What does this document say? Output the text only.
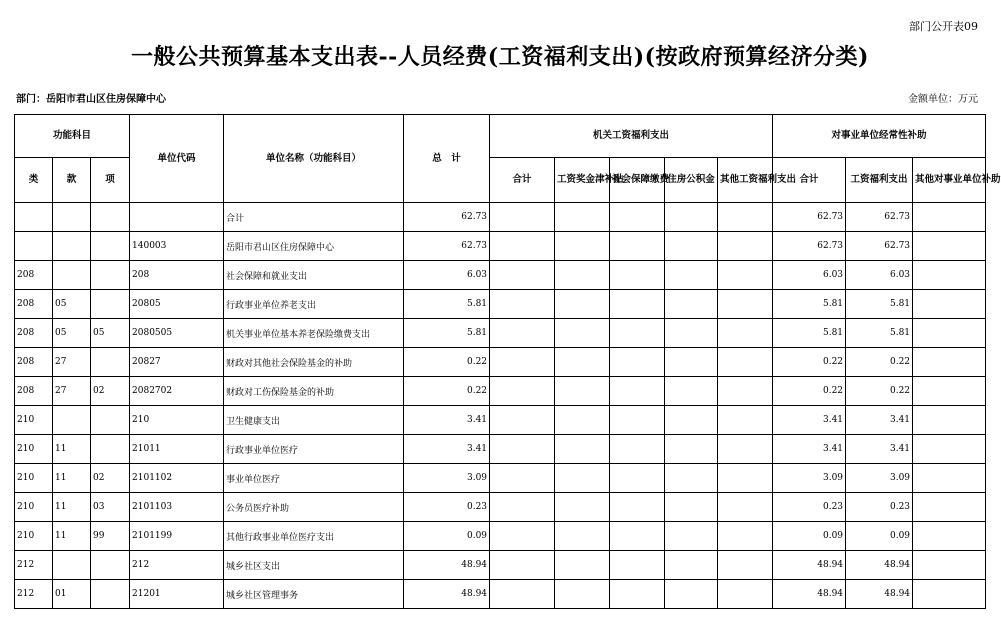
部门公开表09
一般公共预算基本支出表--人员经费(工资福利支出)(按政府预算经济分类)
部门：岳阳市君山区住房保障中心	金额单位：万元
功能科目			单位代码	单位名称（功能科目）	总　计	机关工资福利支出					对事业单位经常性补助		
类	款	项				合计	工资奖金津补贴	社会保障缴费	住房公积金	其他工资福利支出	合计	工资福利支出	其他对事业单位补助
				合计	62.73						62.73	62.73	
			140003	岳阳市君山区住房保障中心	62.73						62.73	62.73	
208			208	社会保障和就业支出	6.03						6.03	6.03	
208	05		20805	行政事业单位养老支出	5.81						5.81	5.81	
208	05	05	2080505	机关事业单位基本养老保险缴费支出	5.81						5.81	5.81	
208	27		20827	财政对其他社会保险基金的补助	0.22						0.22	0.22	
208	27	02	2082702	财政对工伤保险基金的补助	0.22						0.22	0.22	
210			210	卫生健康支出	3.41						3.41	3.41	
210	11		21011	行政事业单位医疗	3.41						3.41	3.41	
210	11	02	2101102	事业单位医疗	3.09						3.09	3.09	
210	11	03	2101103	公务员医疗补助	0.23						0.23	0.23	
210	11	99	2101199	其他行政事业单位医疗支出	0.09						0.09	0.09	
212			212	城乡社区支出	48.94						48.94	48.94	
212	01		21201	城乡社区管理事务	48.94						48.94	48.94	
